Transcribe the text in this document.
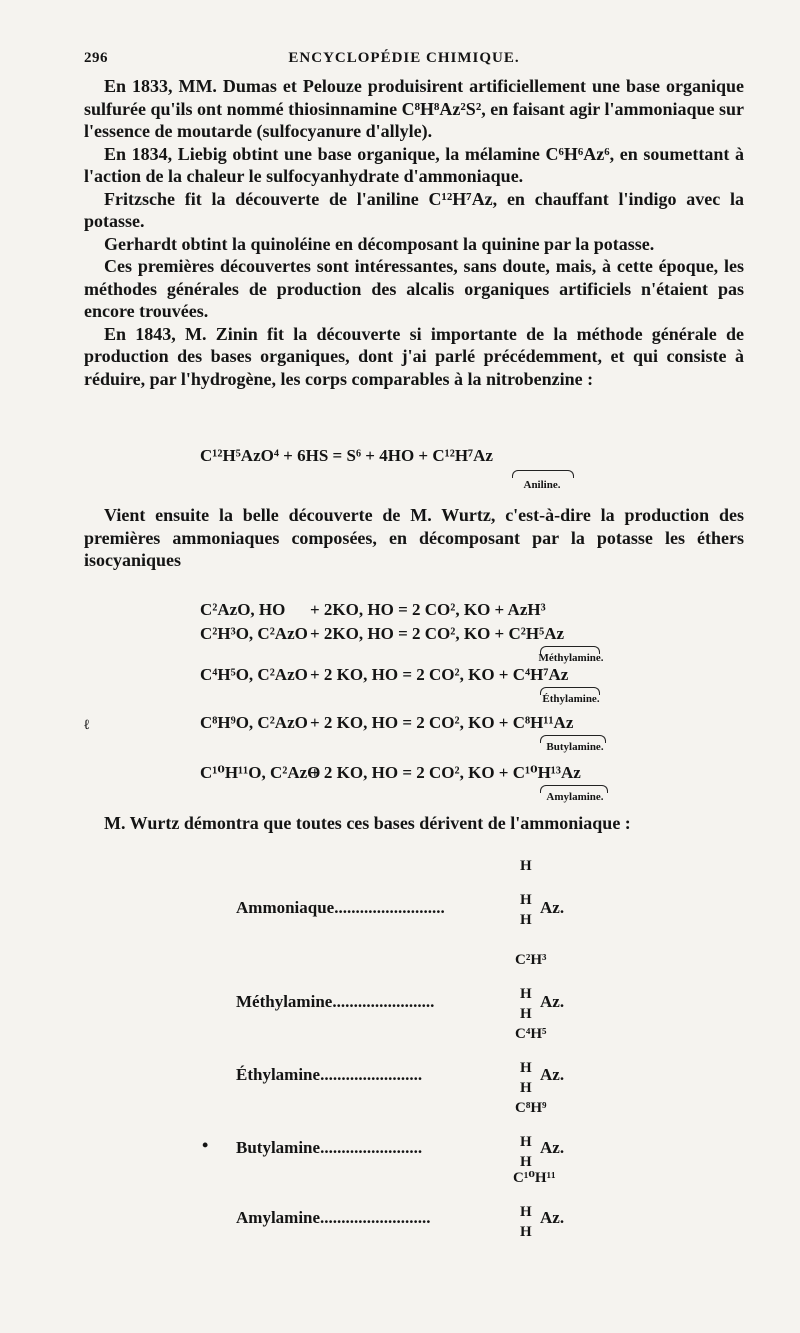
296	ENCYCLOPÉDIE CHIMIQUE.

En 1833, MM. Dumas et Pelouze produisirent artificiellement une base organique sulfurée qu'ils ont nommé thiosinnamine C⁸H⁸Az²S², en faisant agir l'ammoniaque sur l'essence de moutarde (sulfocyanure d'allyle).

En 1834, Liebig obtint une base organique, la mélamine C⁶H⁶Az⁶, en soumettant à l'action de la chaleur le sulfocyanhydrate d'ammoniaque.

Fritzsche fit la découverte de l'aniline C¹²H⁷Az, en chauffant l'indigo avec la potasse.

Gerhardt obtint la quinoléine en décomposant la quinine par la potasse.

Ces premières découvertes sont intéressantes, sans doute, mais, à cette époque, les méthodes générales de production des alcalis organiques artificiels n'étaient pas encore trouvées.

En 1843, M. Zinin fit la découverte si importante de la méthode générale de production des bases organiques, dont j'ai parlé précédemment, et qui consiste à réduire, par l'hydrogène, les corps comparables à la nitrobenzine :

C¹²H⁵AzO⁴ + 6HS = S⁶ + 4HO + C¹²H⁷Az
Aniline.

Vient ensuite la belle découverte de M. Wurtz, c'est-à-dire la production des premières ammoniaques composées, en décomposant par la potasse les éthers isocyaniques

C²AzO, HO + 2KO, HO = 2 CO², KO + AzH³
C²H³O, C²AzO + 2KO, HO = 2 CO², KO + C²H⁵Az
Méthylamine.
C⁴H⁵O, C²AzO + 2 KO, HO = 2 CO², KO + C⁴H⁷Az
Éthylamine.
C⁸H⁹O, C²AzO + 2 KO, HO = 2 CO², KO + C⁸H¹¹Az
Butylamine.
ℓ
C¹⁰H¹¹O, C²AzO
+ 2 KO, HO = 2 CO², KO + C¹⁰H¹³Az
Amylamine.

M. Wurtz démontra que toutes ces bases dérivent de l'ammoniaque :

Ammoniaque..........................
H
H
H
Az.
Méthylamine........................
C²H³
H
H
Az.
Éthylamine........................
C⁴H⁵
H
H
Az.
• Butylamine........................
C⁸H⁹
H
H
Az.
Amylamine..........................
C¹⁰H¹¹
H
H
Az.
